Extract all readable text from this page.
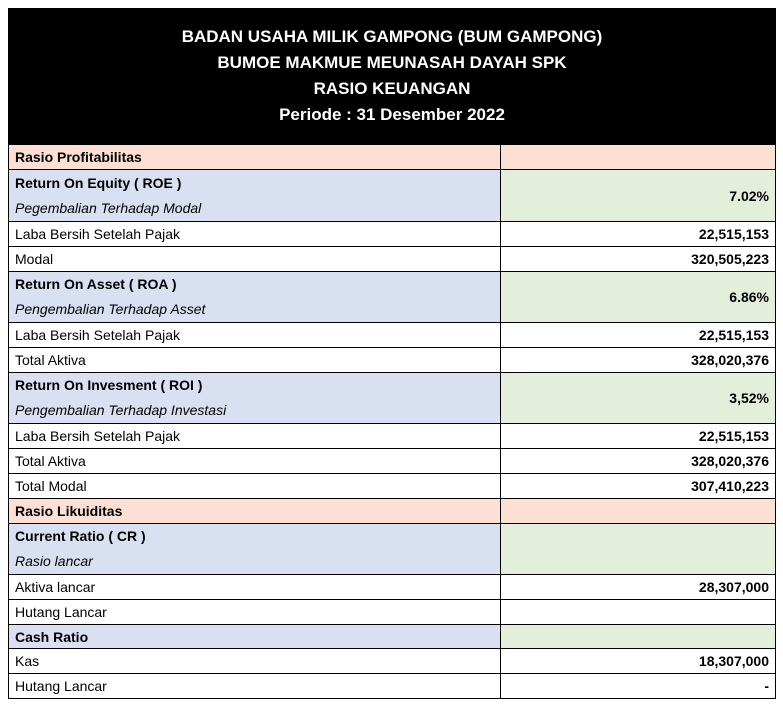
BADAN USAHA MILIK GAMPONG (BUM GAMPONG)
BUMOE MAKMUE MEUNASAH DAYAH SPK
RASIO KEUANGAN
Periode : 31 Desember 2022
Rasio Profitabilitas	

Return On Equity ( ROE )
Pegembalian Terhadap Modal	7.02%
Laba Bersih Setelah Pajak	22,515,153
Modal	320,505,223

Return On Asset ( ROA )
Pengembalian Terhadap Asset	6.86%
Laba Bersih Setelah Pajak	22,515,153
Total Aktiva	328,020,376

Return On Invesment ( ROI )
Pengembalian Terhadap Investasi	3,52%
Laba Bersih Setelah Pajak	22,515,153
Total Aktiva	328,020,376
Total Modal	307,410,223
Rasio Likuiditas	

Current Ratio ( CR )
Rasio lancar	

Aktiva lancar	28,307,000
Hutang Lancar	

Cash Ratio	

Kas	18,307,000
Hutang Lancar	-
